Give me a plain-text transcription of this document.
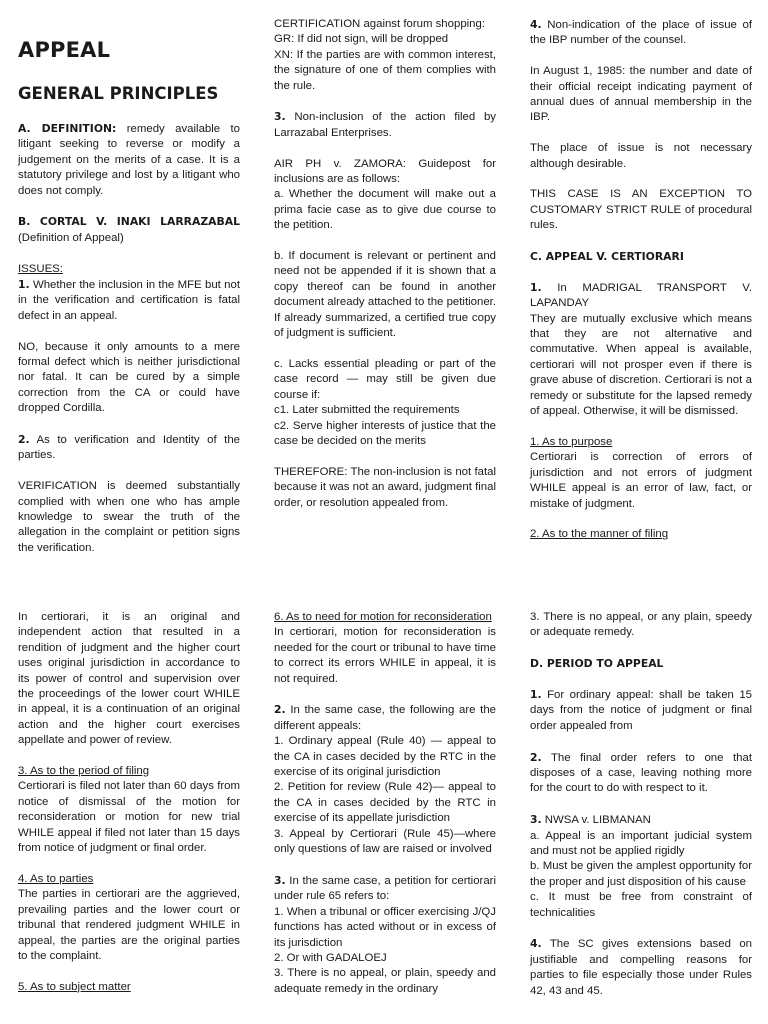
APPEAL
GENERAL PRINCIPLES

A. DEFINITION: remedy available to litigant seeking to reverse or modify a judgement on the merits of a case. It is a statutory privilege and lost by a litigant who does not comply.

B. CORTAL V. INAKI LARRAZABAL (Definition of Appeal)

ISSUES:
1. Whether the inclusion in the MFE but not in the verification and certification is fatal defect in an appeal.

NO, because it only amounts to a mere formal defect which is neither jurisdictional nor fatal. It can be cured by a simple correction from the CA or could have dropped Cordilla.

2. As to verification and Identity of the parties.

VERIFICATION is deemed substantially complied with when one who has ample knowledge to swear the truth of the allegation in the complaint or petition signs the verification.

In certiorari, it is an original and independent action that resulted in a rendition of judgment and the higher court uses original jurisdiction in accordance to its power of control and supervision over the proceedings of the lower court WHILE in appeal, it is a continuation of an original action and the higher court exercises appellate and power of review.

3. As to the period of filing
Certiorari is filed not later than 60 days from notice of dismissal of the motion for reconsideration or motion for new trial WHILE appeal if filed not later than 15 days from notice of judgment or final order.

4. As to parties
The parties in certiorari are the aggrieved, prevailing parties and the lower court or tribunal that rendered judgment WHILE in appeal, the parties are the original parties to the complaint.

5. As to subject matter

CERTIFICATION against forum shopping:
GR: If did not sign, will be dropped
XN: If the parties are with common interest, the signature of one of them complies with the rule.

3. Non-inclusion of the action filed by Larrazabal Enterprises.

AIR PH v. ZAMORA: Guidepost for inclusions are as follows:
a. Whether the document will make out a prima facie case as to give due course to the petition.

b. If document is relevant or pertinent and need not be appended if it is shown that a copy thereof can be found in another document already attached to the petitioner. If already summarized, a certified true copy of judgment is sufficient.

c. Lacks essential pleading or part of the case record — may still be given due course if:
c1. Later submitted the requirements
c2. Serve higher interests of justice that the case be decided on the merits

THEREFORE: The non-inclusion is not fatal because it was not an award, judgment final order, or resolution appealed from.

6. As to need for motion for reconsideration
In certiorari, motion for reconsideration is needed for the court or tribunal to have time to correct its errors WHILE in appeal, it is not required.

2. In the same case, the following are the different appeals:
1. Ordinary appeal (Rule 40) — appeal to the CA in cases decided by the RTC in the exercise of its original jurisdiction
2. Petition for review (Rule 42)— appeal to the CA in cases decided by the RTC in exercise of its appellate jurisdiction
3. Appeal by Certiorari (Rule 45)—where only questions of law are raised or involved

3. In the same case, a petition for certiorari under rule 65 refers to:
1. When a tribunal or officer exercising J/QJ functions has acted without or in excess of its jurisdiction
2. Or with GADALOEJ
3. There is no appeal, or plain, speedy and adequate remedy in the ordinary

4. Non-indication of the place of issue of the IBP number of the counsel.

In August 1, 1985: the number and date of their official receipt indicating payment of annual dues of annual membership in the IBP.

The place of issue is not necessary although desirable.

THIS CASE IS AN EXCEPTION TO CUSTOMARY STRICT RULE of procedural rules.

C. APPEAL V. CERTIORARI

1. In MADRIGAL TRANSPORT V. LAPANDAY
They are mutually exclusive which means that they are not alternative and commutative. When appeal is available, certiorari will not prosper even if there is grave abuse of discretion. Certiorari is not a remedy or substitute for the lapsed remedy of appeal. Otherwise, it will be dismissed.

1. As to purpose
Certiorari is correction of errors of jurisdiction and not errors of judgment WHILE appeal is an error of law, fact, or mistake of judgment.

2. As to the manner of filing

3. There is no appeal, or any plain, speedy or adequate remedy.

D. PERIOD TO APPEAL

1. For ordinary appeal: shall be taken 15 days from the notice of judgment or final order appealed from

2. The final order refers to one that disposes of a case, leaving nothing more for the court to do with respect to it.

3. NWSA v. LIBMANAN
a. Appeal is an important judicial system and must not be applied rigidly
b. Must be given the amplest opportunity for the proper and just disposition of his cause
c. It must be free from constraint of technicalities

4. The SC gives extensions based on justifiable and compelling reasons for parties to file especially those under Rules 42, 43 and 45.
